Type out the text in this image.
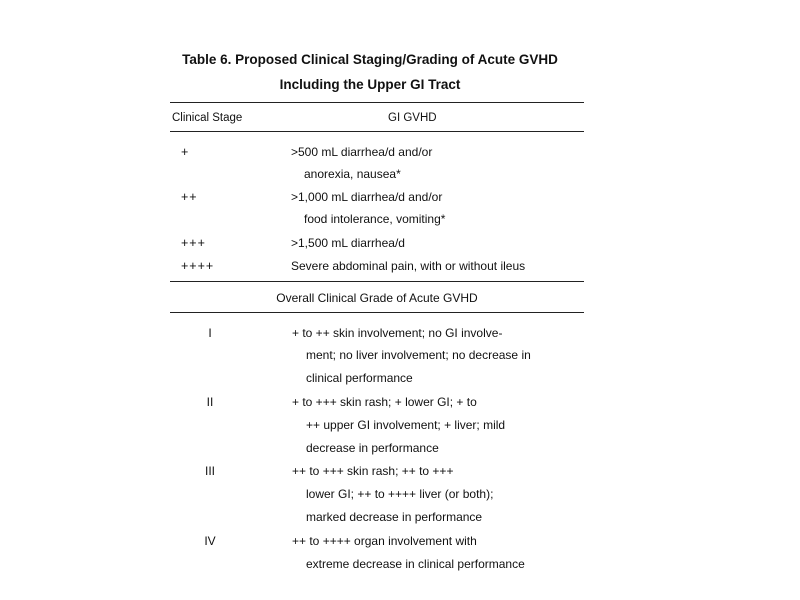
Table 6. Proposed Clinical Staging/Grading of Acute GVHD
Including the Upper GI Tract
Clinical Stage	GI GVHD
+	>500 mL diarrhea/d and/or
anorexia, nausea*
++	>1,000 mL diarrhea/d and/or
food intolerance, vomiting*
+++	>1,500 mL diarrhea/d
++++	Severe abdominal pain, with or without ileus
Overall Clinical Grade of Acute GVHD
I	+ to ++ skin involvement; no GI involve-
ment; no liver involvement; no decrease in
clinical performance
II	+ to +++ skin rash; + lower GI; + to
++ upper GI involvement; + liver; mild
decrease in performance
III	++ to +++ skin rash; ++ to +++
lower GI; ++ to ++++ liver (or both);
marked decrease in performance
IV	++ to ++++ organ involvement with
extreme decrease in clinical performance
